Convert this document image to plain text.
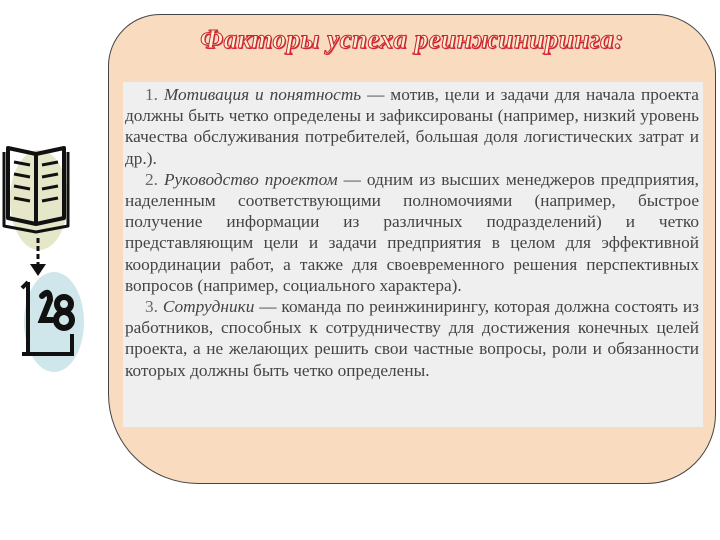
Факторы успеха реинжиниринга:

1. Мотивация и понятность — мотив, цели и задачи для начала проекта должны быть четко определены и зафиксированы (например, низкий уровень качества обслуживания потребителей, большая доля логистических затрат и др.).

2. Руководство проектом — одним из высших менеджеров предприятия, наделенным соответствующими полномочиями (например, быстрое получение информации из различных подразделений) и четко представляющим цели и задачи предприятия в целом для эффективной координации работ, а также для своевременного решения перспективных вопросов (например, социального характера).

3. Сотрудники — команда по реинжинирингу, которая должна состоять из работников, способных к сотрудничеству для достижения конечных целей проекта, а не желающих решить свои частные вопросы, роли и обязанности которых должны быть четко определены.
